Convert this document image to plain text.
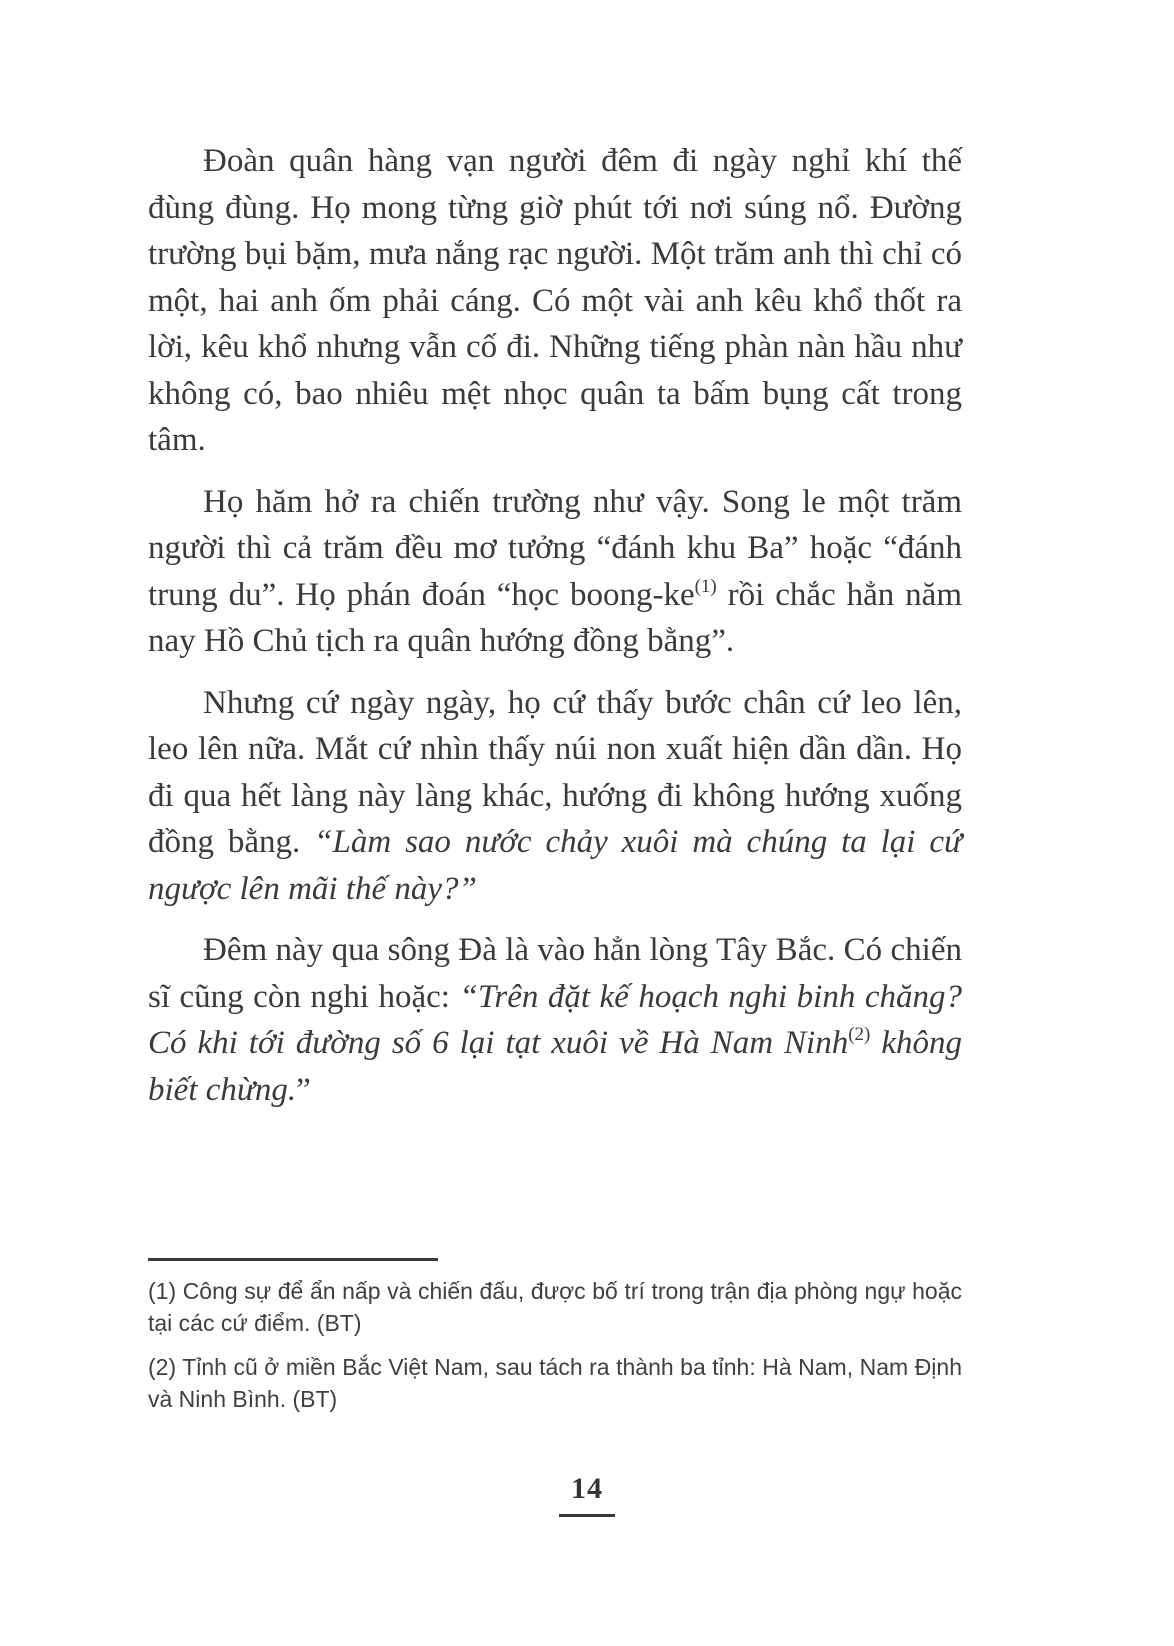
Đoàn quân hàng vạn người đêm đi ngày nghỉ khí thế đùng đùng. Họ mong từng giờ phút tới nơi súng nổ. Đường trường bụi bặm, mưa nắng rạc người. Một trăm anh thì chỉ có một, hai anh ốm phải cáng. Có một vài anh kêu khổ thốt ra lời, kêu khổ nhưng vẫn cố đi. Những tiếng phàn nàn hầu như không có, bao nhiêu mệt nhọc quân ta bấm bụng cất trong tâm.

Họ hăm hở ra chiến trường như vậy. Song le một trăm người thì cả trăm đều mơ tưởng “đánh khu Ba” hoặc “đánh trung du”. Họ phán đoán “học boong-ke$^{(1)}$ rồi chắc hẳn năm nay Hồ Chủ tịch ra quân hướng đồng bằng”.

Nhưng cứ ngày ngày, họ cứ thấy bước chân cứ leo lên, leo lên nữa. Mắt cứ nhìn thấy núi non xuất hiện dần dần. Họ đi qua hết làng này làng khác, hướng đi không hướng xuống đồng bằng. “Làm sao nước chảy xuôi mà chúng ta lại cứ ngược lên mãi thế này?”

Đêm này qua sông Đà là vào hẳn lòng Tây Bắc. Có chiến sĩ cũng còn nghi hoặc: “Trên đặt kế hoạch nghi binh chăng? Có khi tới đường số 6 lại tạt xuôi về Hà Nam Ninh$^{(2)}$ không biết chừng.”

(1) Công sự để ẩn nấp và chiến đấu, được bố trí trong trận địa phòng ngự hoặc tại các cứ điểm. (BT)

(2) Tỉnh cũ ở miền Bắc Việt Nam, sau tách ra thành ba tỉnh: Hà Nam, Nam Định và Ninh Bình. (BT)

14
